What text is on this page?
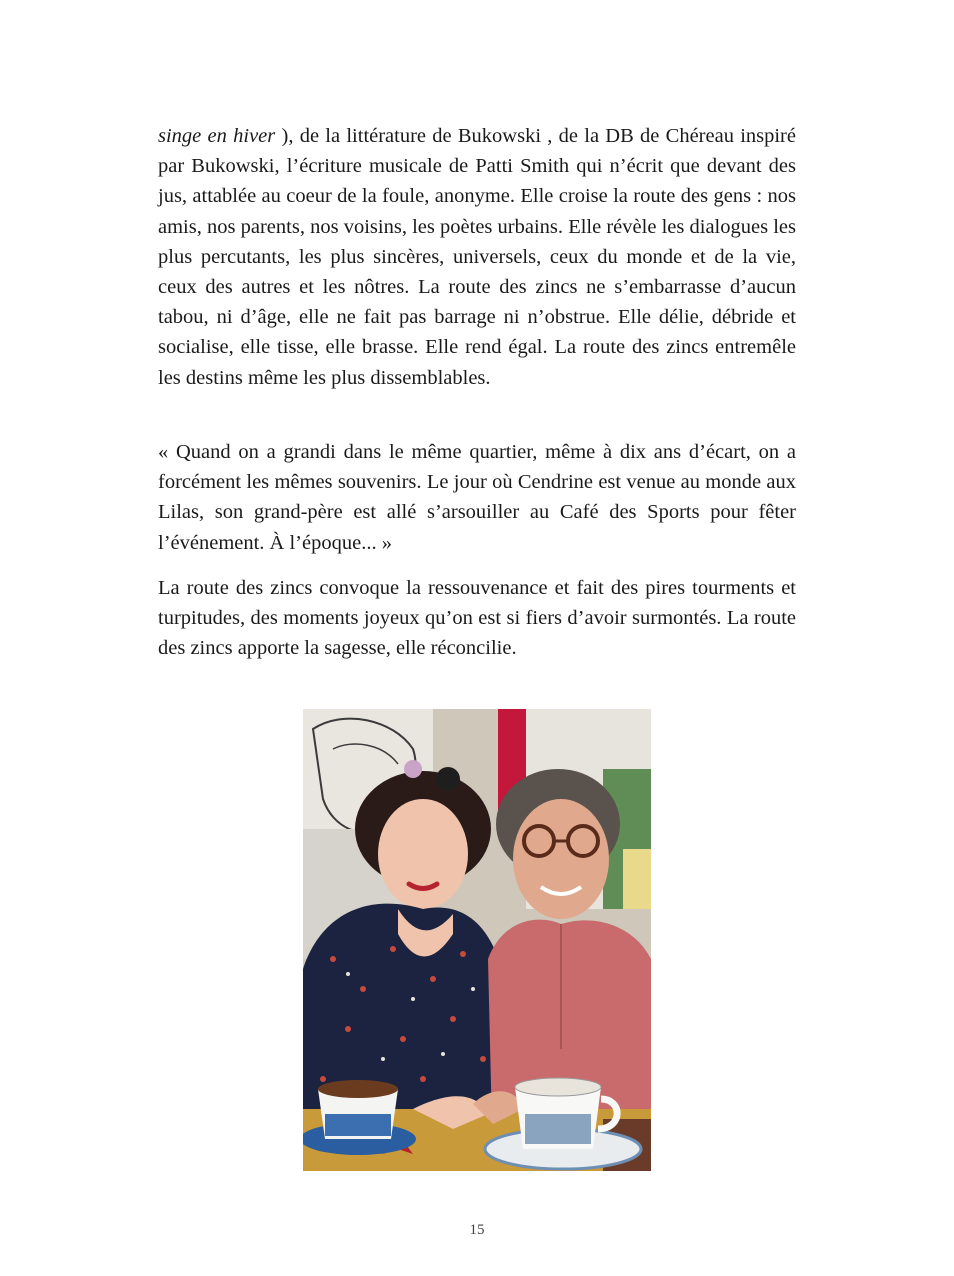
singe en hiver ), de la littérature de Bukowski , de la DB de Chéreau inspiré par Bukowski, l’écriture musicale de Patti Smith qui n’écrit que devant des jus, attablée au coeur de la foule, anonyme. Elle croise la route des gens : nos amis, nos parents, nos voisins, les poètes urbains. Elle révèle les dialogues les plus percutants, les plus sincères, universels, ceux du monde et de la vie, ceux des autres et les nôtres. La route des zincs ne s’embarrasse d’aucun tabou, ni d’âge, elle ne fait pas barrage ni n’obstrue. Elle délie, débride et socialise, elle tisse, elle brasse. Elle rend égal. La route des zincs entremêle les destins même les plus dissemblables.

« Quand on a grandi dans le même quartier, même à dix ans d’écart, on a forcément les mêmes souvenirs. Le jour où Cendrine est venue au monde aux Lilas, son grand-père est allé s’arsouiller au Café des Sports pour fêter l’événement. À l’époque... »

La route des zincs convoque la ressouvenance et fait des pires tourments et turpitudes, des moments joyeux qu’on est si fiers d’avoir surmontés. La route des zincs apporte la sagesse, elle réconcilie.

15
